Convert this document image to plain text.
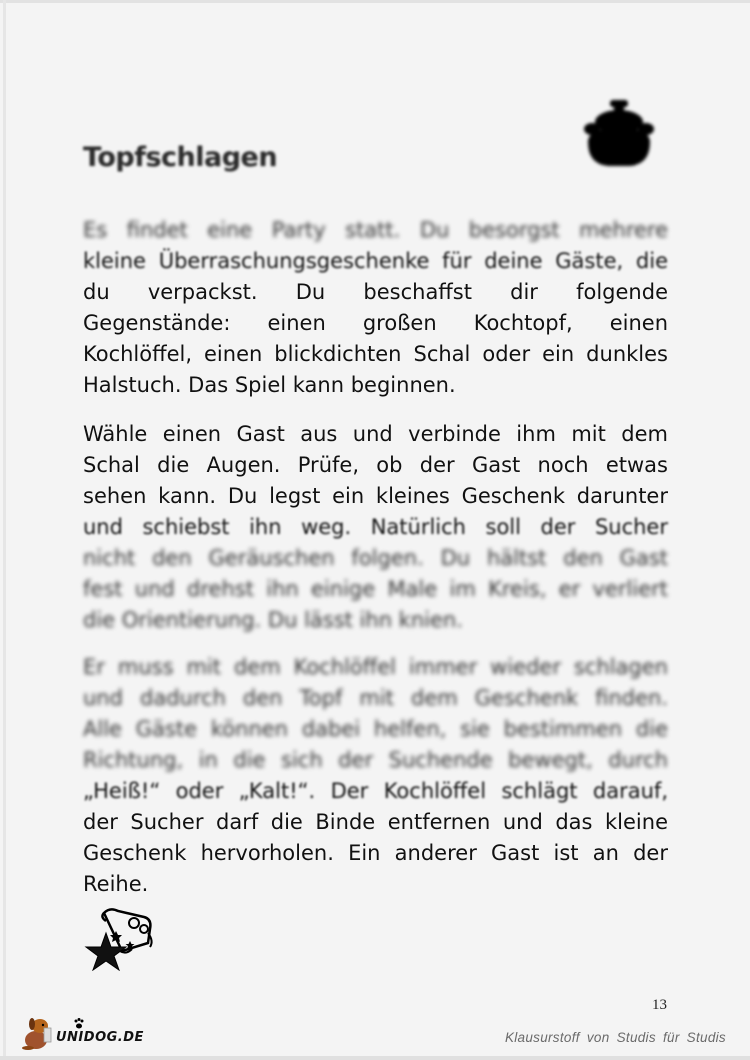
Topfschlagen
Es findet eine Party statt. Du besorgst mehrere
kleine Überraschungsgeschenke für deine Gäste, die
du verpackst. Du beschaffst dir folgende
Gegenstände: einen großen Kochtopf, einen
Kochlöffel, einen blickdichten Schal oder ein dunkles
Halstuch. Das Spiel kann beginnen.
Wähle einen Gast aus und verbinde ihm mit dem
Schal die Augen. Prüfe, ob der Gast noch etwas
sehen kann. Du legst ein kleines Geschenk darunter
und schiebst ihn weg. Natürlich soll der Sucher
nicht den Geräuschen folgen. Du hältst den Gast
fest und drehst ihn einige Male im Kreis, er verliert
die Orientierung. Du lässt ihn knien.
Er muss mit dem Kochlöffel immer wieder schlagen
und dadurch den Topf mit dem Geschenk finden.
Alle Gäste können dabei helfen, sie bestimmen die
Richtung, in die sich der Suchende bewegt, durch
„Heiß!“ oder „Kalt!“. Der Kochlöffel schlägt darauf,
der Sucher darf die Binde entfernen und das kleine
Geschenk hervorholen. Ein anderer Gast ist an der
Reihe.
13
UNIDOG.DE	Klausurstoff von Studis für Studis
